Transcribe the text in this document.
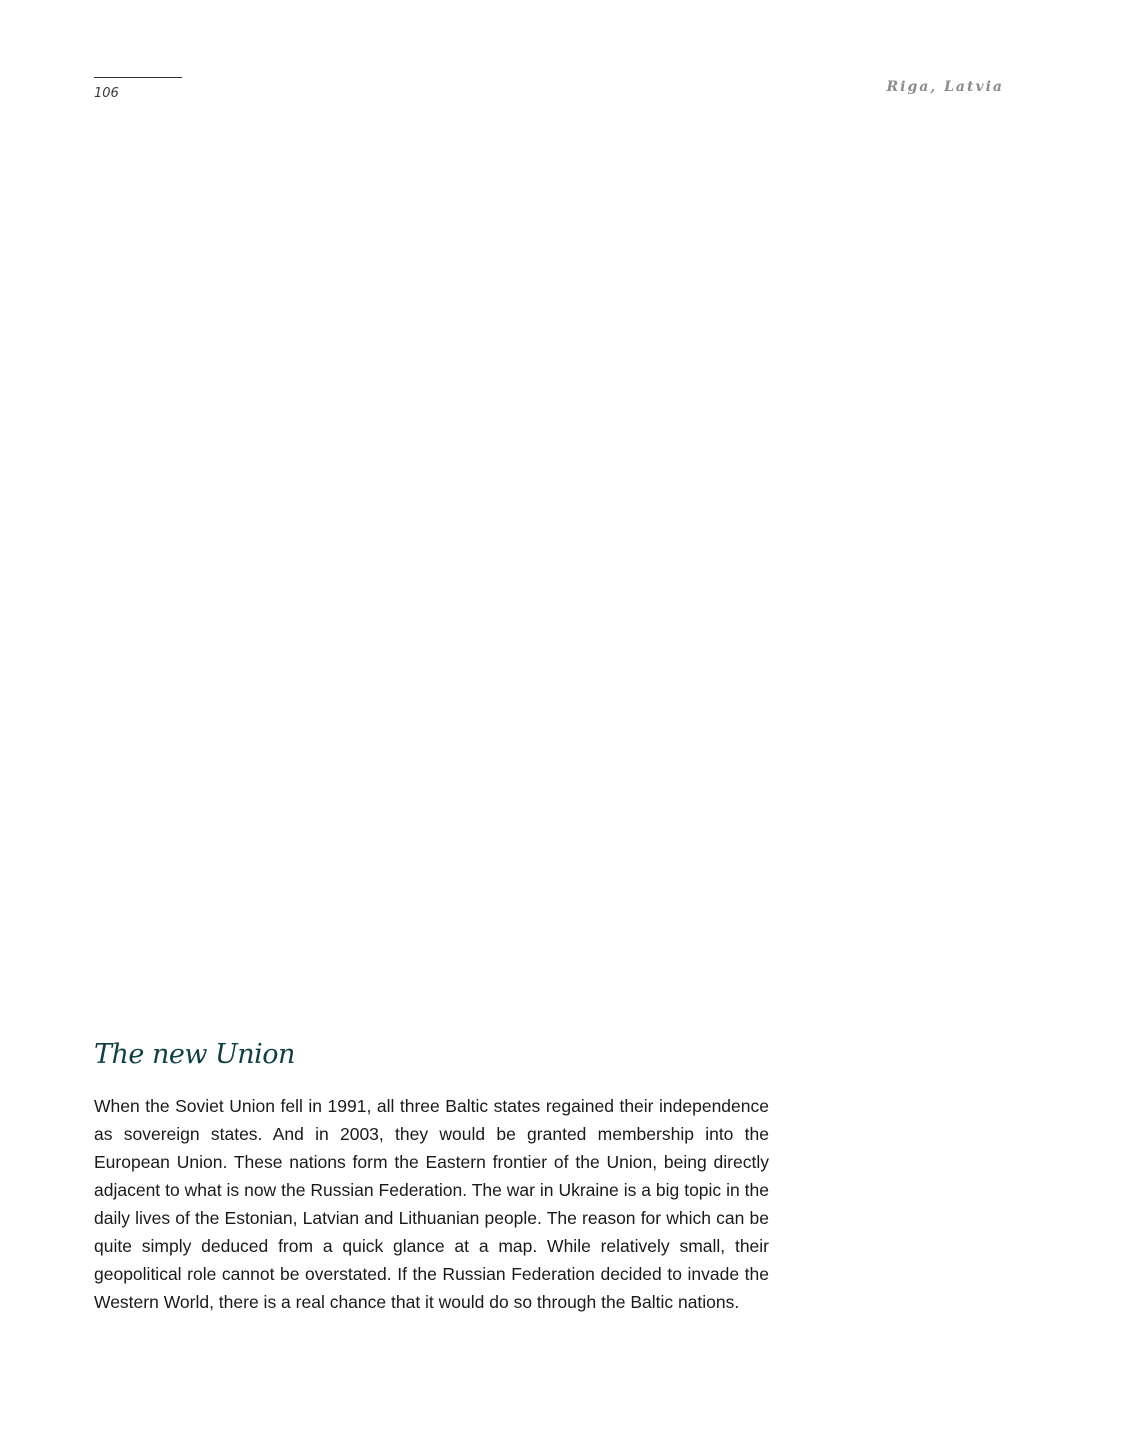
106	Riga, Latvia
The new Union

When the Soviet Union fell in 1991, all three Baltic states regained their independence as sovereign states. And in 2003, they would be granted membership into the European Union. These nations form the Eastern frontier of the Union, being directly adjacent to what is now the Russian Federation. The war in Ukraine is a big topic in the daily lives of the Estonian, Latvian and Lithuanian people. The reason for which can be quite simply deduced from a quick glance at a map. While relatively small, their geopolitical role cannot be overstated. If the Russian Federation decided to invade the Western World, there is a real chance that it would do so through the Baltic nations.
